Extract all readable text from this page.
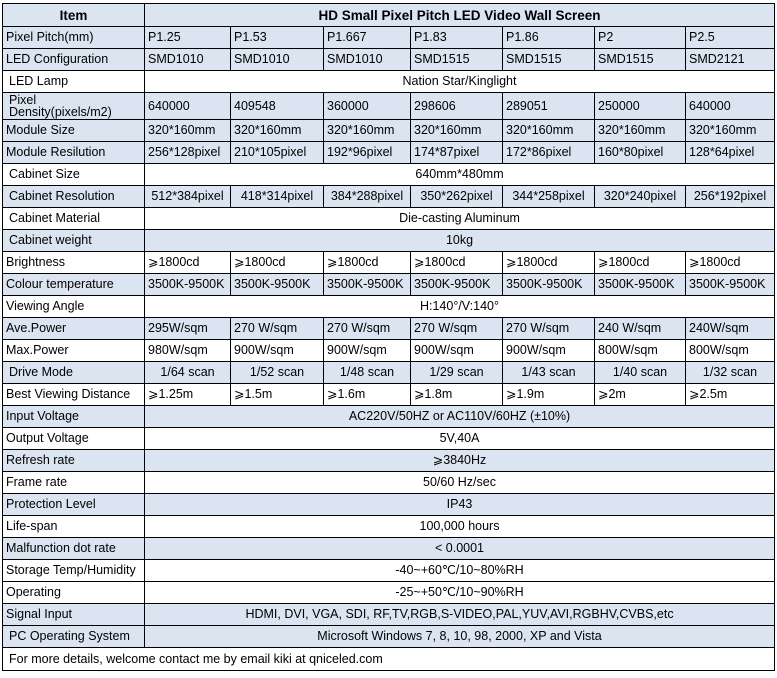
Item	HD Small Pixel Pitch LED Video Wall Screen						
Pixel Pitch(mm)	P1.25	P1.53	P1.667	P1.83	P1.86	P2	P2.5
LED Configuration	SMD1010	SMD1010	SMD1010	SMD1515	SMD1515	SMD1515	SMD2121
LED Lamp	Nation Star/Kinglight						
Pixel Density(pixels/m2)	640000	409548	360000	298606	289051	250000	640000
Module Size	320*160mm	320*160mm	320*160mm	320*160mm	320*160mm	320*160mm	320*160mm
Module Resilution	256*128pixel	210*105pixel	192*96pixel	174*87pixel	172*86pixel	160*80pixel	128*64pixel
Cabinet Size	640mm*480mm						
Cabinet Resolution	512*384pixel	418*314pixel	384*288pixel	350*262pixel	344*258pixel	320*240pixel	256*192pixel
Cabinet Material	Die-casting Aluminum						
Cabinet weight	10kg						
Brightness	⩾1800cd	⩾1800cd	⩾1800cd	⩾1800cd	⩾1800cd	⩾1800cd	⩾1800cd
Colour temperature	3500K-9500K	3500K-9500K	3500K-9500K	3500K-9500K	3500K-9500K	3500K-9500K	3500K-9500K
Viewing Angle	H:140°/V:140°						
Ave.Power	295W/sqm	270 W/sqm	270 W/sqm	270 W/sqm	270 W/sqm	240 W/sqm	240W/sqm
Max.Power	980W/sqm	900W/sqm	900W/sqm	900W/sqm	900W/sqm	800W/sqm	800W/sqm
Drive Mode	1/64 scan	1/52 scan	1/48 scan	1/29 scan	1/43 scan	1/40 scan	1/32 scan
Best Viewing Distance	⩾1.25m	⩾1.5m	⩾1.6m	⩾1.8m	⩾1.9m	⩾2m	⩾2.5m
Input Voltage	AC220V/50HZ or AC110V/60HZ (±10%)						
Output Voltage	5V,40A						
Refresh rate	⩾3840Hz						
Frame rate	50/60 Hz/sec						
Protection Level	IP43						
Life-span	100,000 hours						
Malfunction dot rate	< 0.0001						
Storage Temp/Humidity	-40~+60℃/10~80%RH						
Operating	-25~+50℃/10~90%RH						
Signal Input	HDMI, DVI, VGA, SDI, RF,TV,RGB,S-VIDEO,PAL,YUV,AVI,RGBHV,CVBS,etc						
PC Operating System	Microsoft Windows 7, 8, 10, 98, 2000, XP and Vista						
For more details, welcome contact me by email kiki at qniceled.com							
